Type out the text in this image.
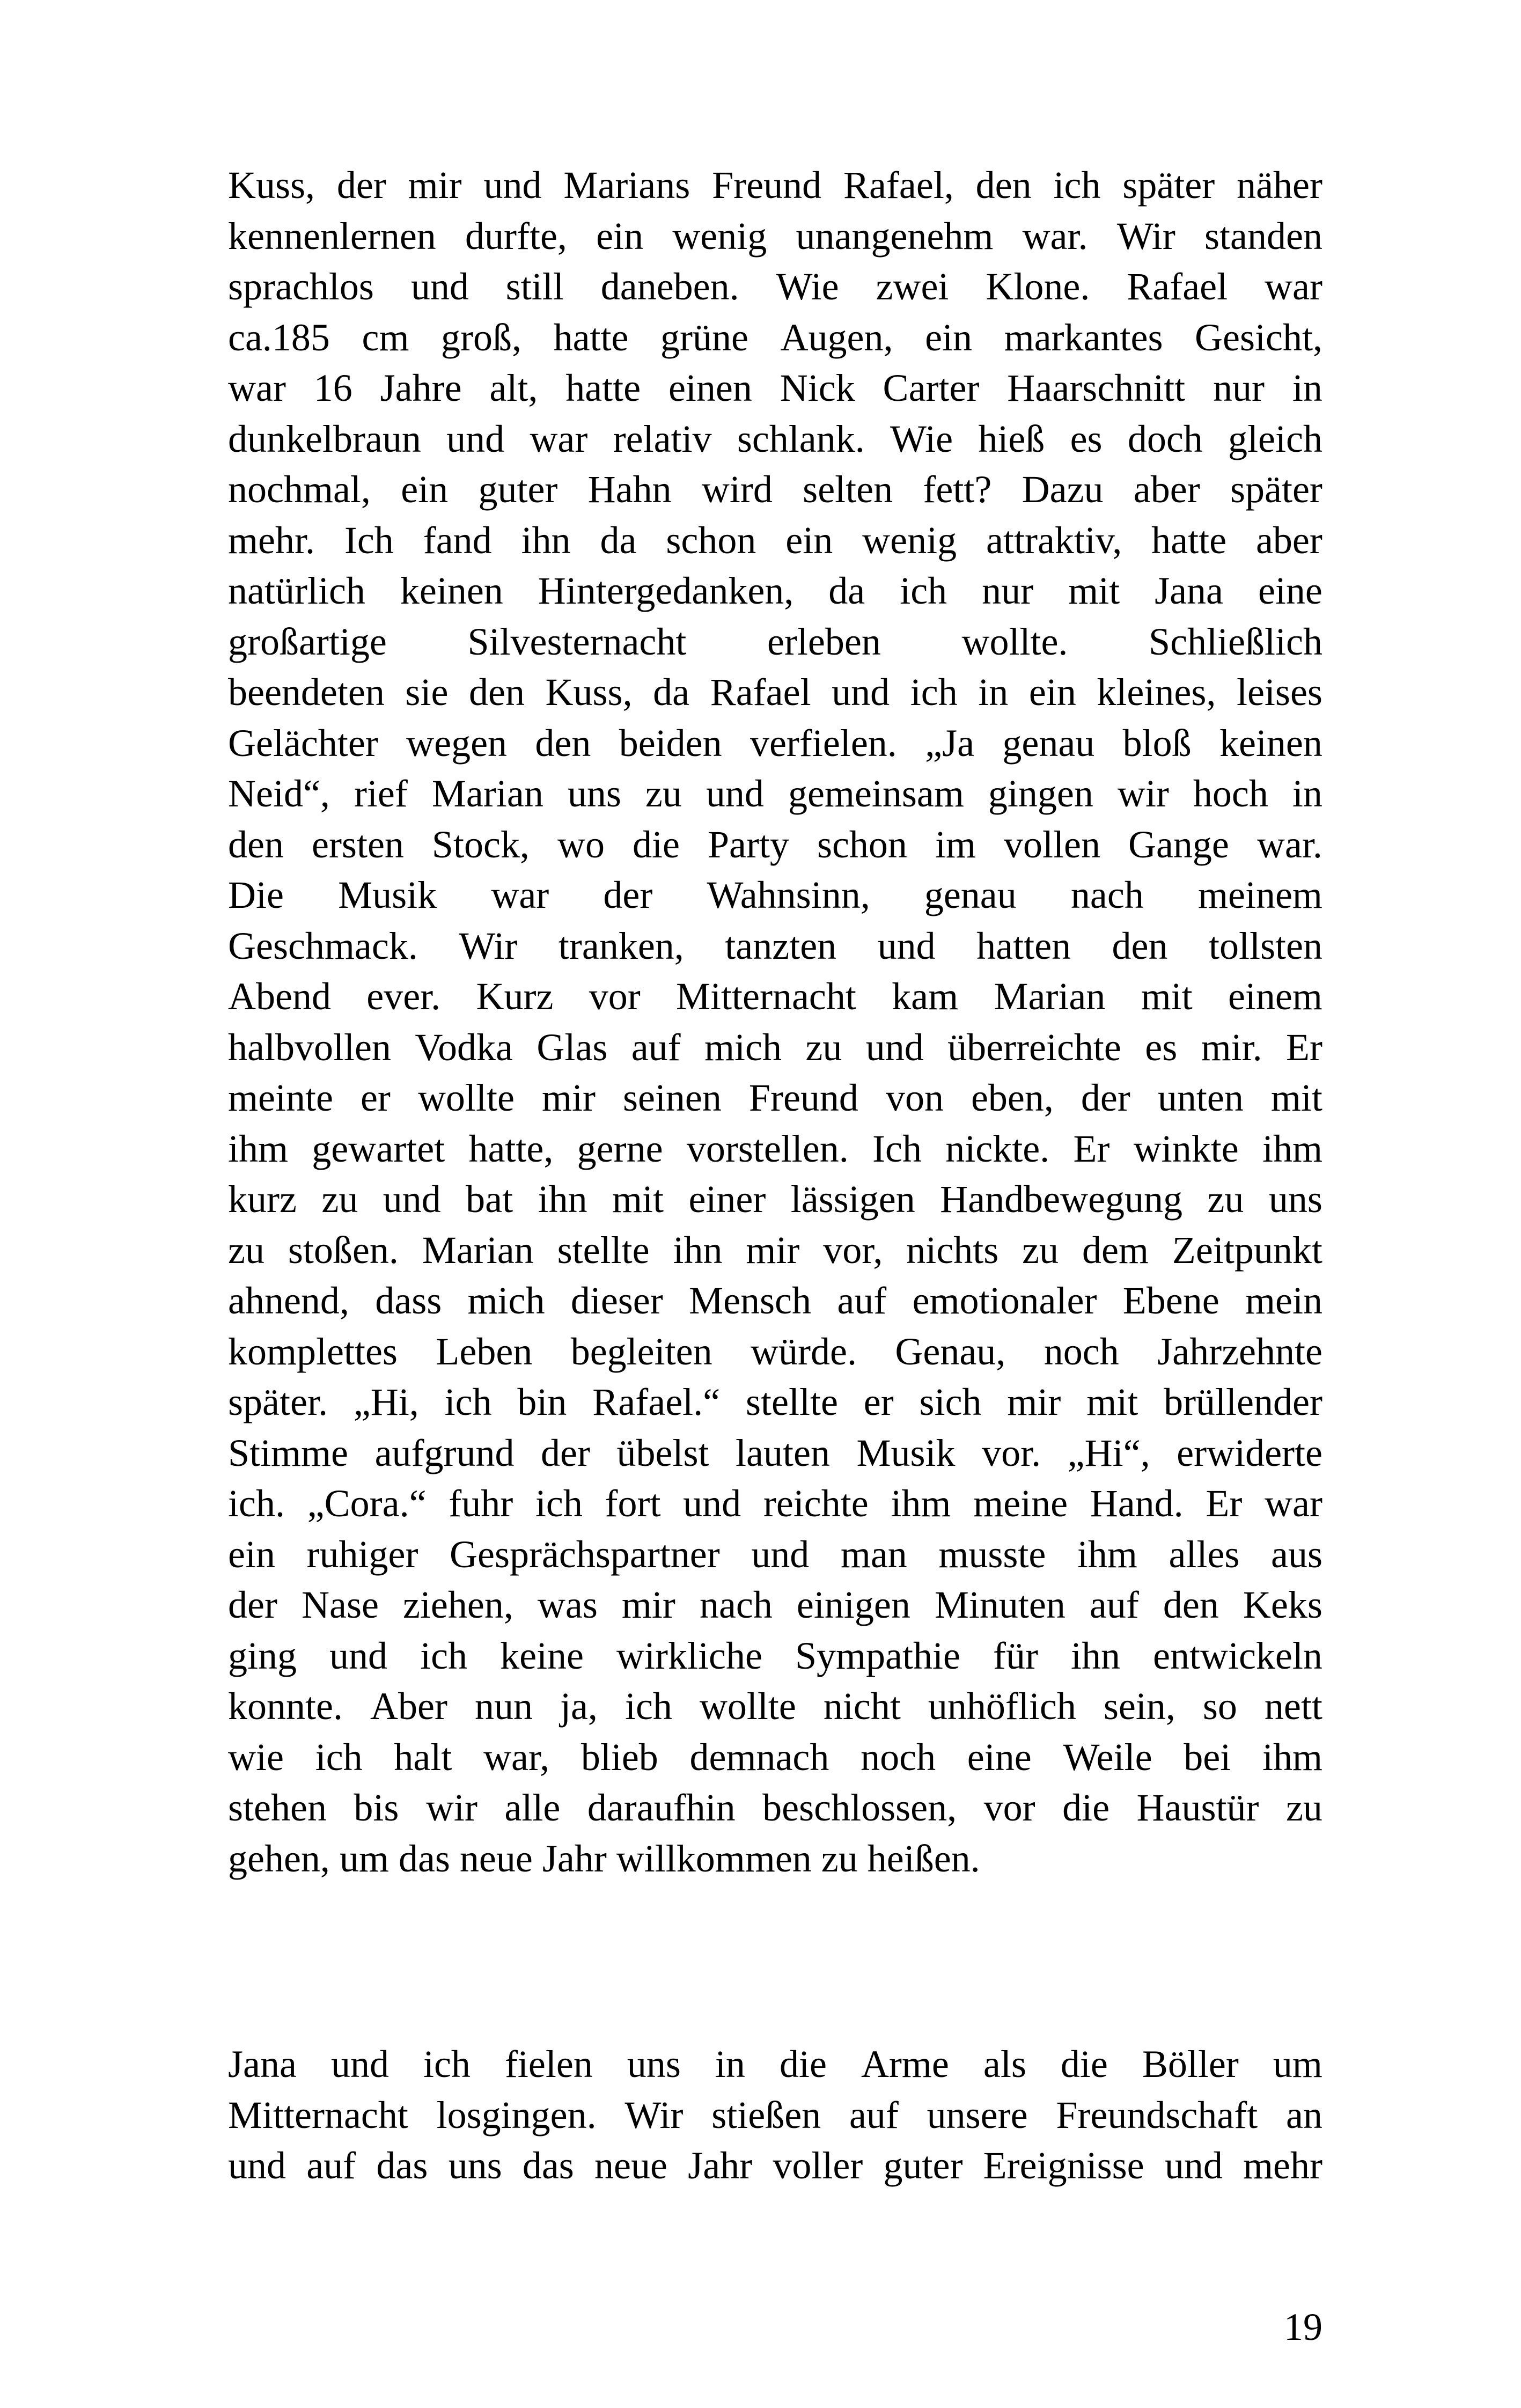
Kuss, der mir und Marians Freund Rafael, den ich später näher
kennenlernen durfte, ein wenig unangenehm war. Wir standen
sprachlos und still daneben. Wie zwei Klone. Rafael war
ca.185 cm groß, hatte grüne Augen, ein markantes Gesicht,
war 16 Jahre alt, hatte einen Nick Carter Haarschnitt nur in
dunkelbraun und war relativ schlank. Wie hieß es doch gleich
nochmal, ein guter Hahn wird selten fett? Dazu aber später
mehr. Ich fand ihn da schon ein wenig attraktiv, hatte aber
natürlich keinen Hintergedanken, da ich nur mit Jana eine
großartige Silvesternacht erleben wollte. Schließlich
beendeten sie den Kuss, da Rafael und ich in ein kleines, leises
Gelächter wegen den beiden verfielen. „Ja genau bloß keinen
Neid“, rief Marian uns zu und gemeinsam gingen wir hoch in
den ersten Stock, wo die Party schon im vollen Gange war.
Die Musik war der Wahnsinn, genau nach meinem
Geschmack. Wir tranken, tanzten und hatten den tollsten
Abend ever. Kurz vor Mitternacht kam Marian mit einem
halbvollen Vodka Glas auf mich zu und überreichte es mir. Er
meinte er wollte mir seinen Freund von eben, der unten mit
ihm gewartet hatte, gerne vorstellen. Ich nickte. Er winkte ihm
kurz zu und bat ihn mit einer lässigen Handbewegung zu uns
zu stoßen. Marian stellte ihn mir vor, nichts zu dem Zeitpunkt
ahnend, dass mich dieser Mensch auf emotionaler Ebene mein
komplettes Leben begleiten würde. Genau, noch Jahrzehnte
später. „Hi, ich bin Rafael.“ stellte er sich mir mit brüllender
Stimme aufgrund der übelst lauten Musik vor. „Hi“, erwiderte
ich. „Cora.“ fuhr ich fort und reichte ihm meine Hand. Er war
ein ruhiger Gesprächspartner und man musste ihm alles aus
der Nase ziehen, was mir nach einigen Minuten auf den Keks
ging und ich keine wirkliche Sympathie für ihn entwickeln
konnte. Aber nun ja, ich wollte nicht unhöflich sein, so nett
wie ich halt war, blieb demnach noch eine Weile bei ihm
stehen bis wir alle daraufhin beschlossen, vor die Haustür zu
gehen, um das neue Jahr willkommen zu heißen.
Jana und ich fielen uns in die Arme als die Böller um
Mitternacht losgingen. Wir stießen auf unsere Freundschaft an
und auf das uns das neue Jahr voller guter Ereignisse und mehr
19
